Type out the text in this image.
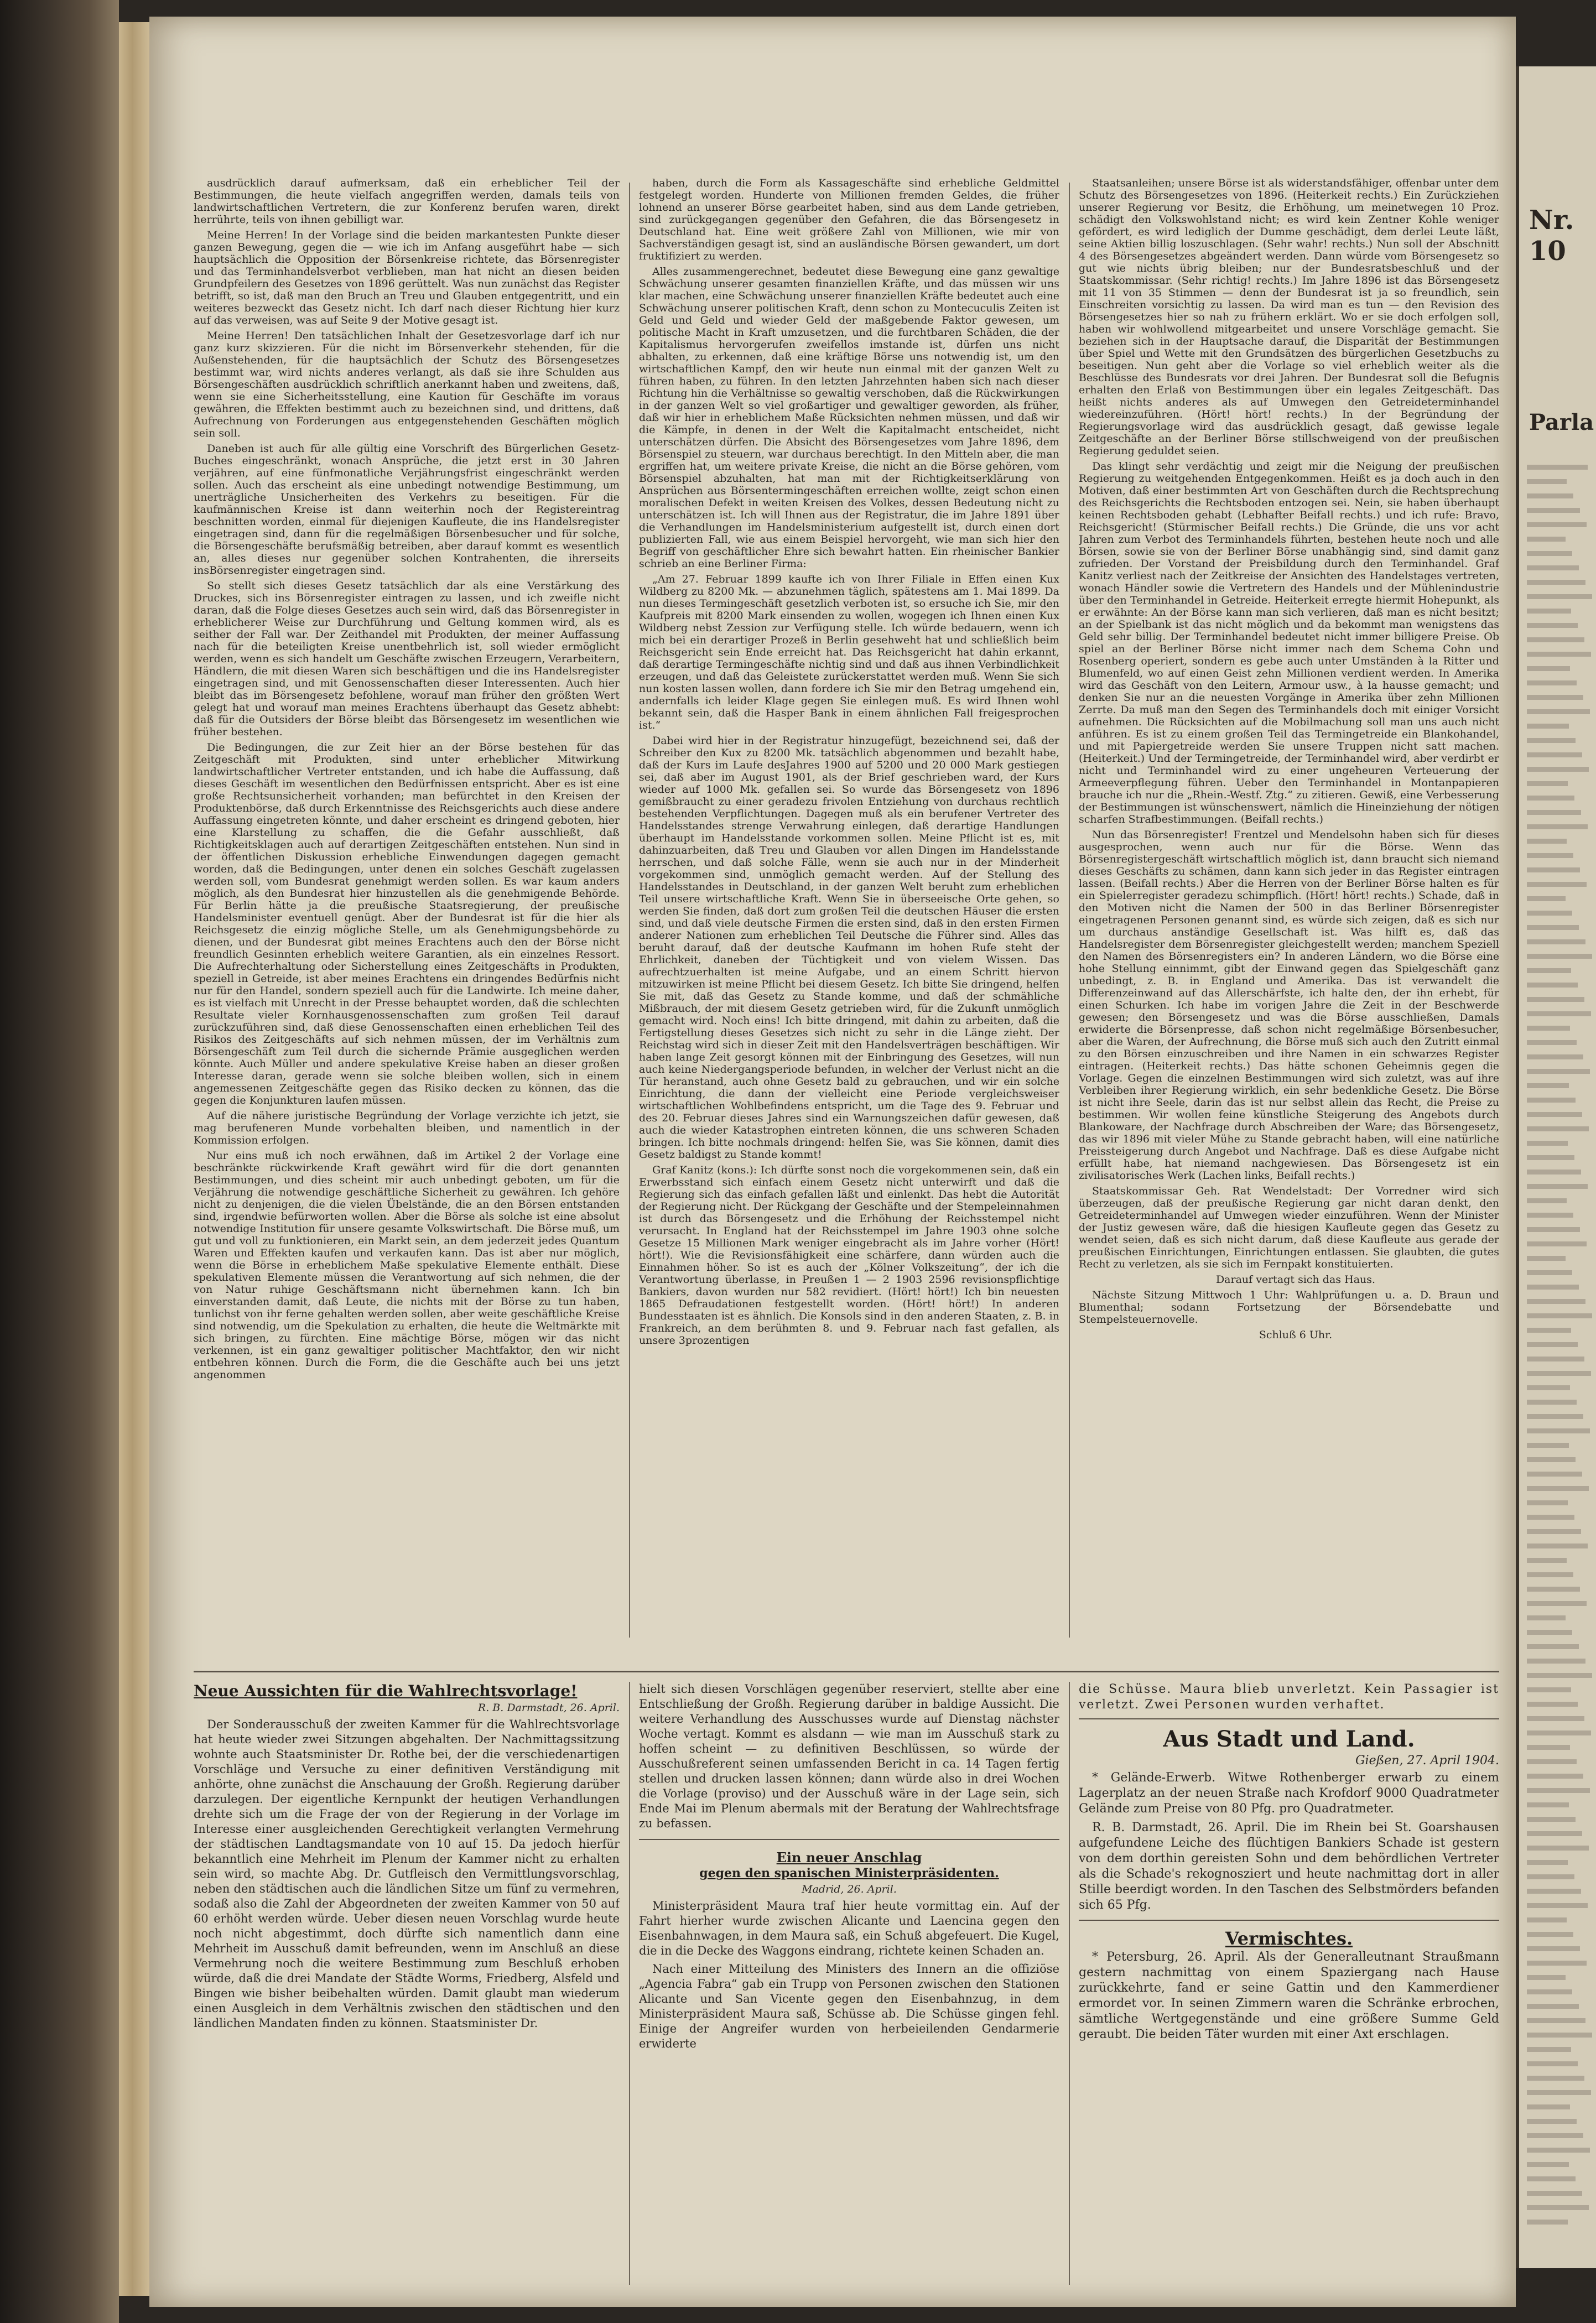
ausdrücklich darauf aufmerksam, daß ein erheblicher Teil der Bestimmungen, die heute vielfach angegriffen werden, damals teils von landwirtschaftlichen Vertretern, die zur Konferenz berufen waren, direkt herrührte, teils von ihnen gebilligt war.

Meine Herren! In der Vorlage sind die beiden markantesten Punkte dieser ganzen Bewegung, gegen die — wie ich im Anfang ausgeführt habe — sich hauptsächlich die Opposition der Börsenkreise richtete, das Börsenregister und das Terminhandelsverbot verblieben, man hat nicht an diesen beiden Grundpfeilern des Gesetzes von 1896 gerüttelt. Was nun zunächst das Register betrifft, so ist, daß man den Bruch an Treu und Glauben entgegentritt, und ein weiteres bezweckt das Gesetz nicht. Ich darf nach dieser Richtung hier kurz auf das verweisen, was auf Seite 9 der Motive gesagt ist.

Meine Herren! Den tatsächlichen Inhalt der Gesetzesvorlage darf ich nur ganz kurz skizzieren. Für die nicht im Börsenverkehr stehenden, für die Außenstehenden, für die hauptsächlich der Schutz des Börsengesetzes bestimmt war, wird nichts anderes verlangt, als daß sie ihre Schulden aus Börsengeschäften ausdrücklich schriftlich anerkannt haben und zweitens, daß, wenn sie eine Sicherheitsstellung, eine Kaution für Geschäfte im voraus gewähren, die Effekten bestimmt auch zu bezeichnen sind, und drittens, daß Aufrechnung von Forderungen aus entgegenstehenden Geschäften möglich sein soll.

Daneben ist auch für alle gültig eine Vorschrift des Bürgerlichen Gesetz-Buches eingeschränkt, wonach Ansprüche, die jetzt erst in 30 Jahren verjähren, auf eine fünfmonatliche Verjährungsfrist eingeschränkt werden sollen. Auch das erscheint als eine unbedingt notwendige Bestimmung, um unerträgliche Unsicherheiten des Verkehrs zu beseitigen. Für die kaufmännischen Kreise ist dann weiterhin noch der Registereintrag beschnitten worden, einmal für diejenigen Kaufleute, die ins Handelsregister eingetragen sind, dann für die regelmäßigen Börsenbesucher und für solche, die Börsengeschäfte berufsmäßig betreiben, aber darauf kommt es wesentlich an, alles dieses nur gegenüber solchen Kontrahenten, die ihrerseits insBörsenregister eingetragen sind.

So stellt sich dieses Gesetz tatsächlich dar als eine Verstärkung des Druckes, sich ins Börsenregister eintragen zu lassen, und ich zweifle nicht daran, daß die Folge dieses Gesetzes auch sein wird, daß das Börsenregister in erheblicherer Weise zur Durchführung und Geltung kommen wird, als es seither der Fall war. Der Zeithandel mit Produkten, der meiner Auffassung nach für die beteiligten Kreise unentbehrlich ist, soll wieder ermöglicht werden, wenn es sich handelt um Geschäfte zwischen Erzeugern, Verarbeitern, Händlern, die mit diesen Waren sich beschäftigen und die ins Handelsregister eingetragen sind, und mit Genossenschaften dieser Interessenten. Auch hier bleibt das im Börsengesetz befohlene, worauf man früher den größten Wert gelegt hat und worauf man meines Erachtens überhaupt das Gesetz abhebt: daß für die Outsiders der Börse bleibt das Börsengesetz im wesentlichen wie früher bestehen.

Die Bedingungen, die zur Zeit hier an der Börse bestehen für das Zeitgeschäft mit Produkten, sind unter erheblicher Mitwirkung landwirtschaftlicher Vertreter entstanden, und ich habe die Auffassung, daß dieses Geschäft im wesentlichen den Bedürfnissen entspricht. Aber es ist eine große Rechtsunsicherheit vorhanden; man befürchtet in den Kreisen der Produktenbörse, daß durch Erkenntnisse des Reichsgerichts auch diese andere Auffassung eingetreten könnte, und daher erscheint es dringend geboten, hier eine Klarstellung zu schaffen, die die Gefahr ausschließt, daß Richtigkeitsklagen auch auf derartigen Zeitgeschäften entstehen. Nun sind in der öffentlichen Diskussion erhebliche Einwendungen dagegen gemacht worden, daß die Bedingungen, unter denen ein solches Geschäft zugelassen werden soll, vom Bundesrat genehmigt werden sollen. Es war kaum anders möglich, als den Bundesrat hier hinzustellen als die genehmigende Behörde. Für Berlin hätte ja die preußische Staatsregierung, der preußische Handelsminister eventuell genügt. Aber der Bundesrat ist für die hier als Reichsgesetz die einzig mögliche Stelle, um als Genehmigungsbehörde zu dienen, und der Bundesrat gibt meines Erachtens auch den der Börse nicht freundlich Gesinnten erheblich weitere Garantien, als ein einzelnes Ressort. Die Aufrechterhaltung oder Sicherstellung eines Zeitgeschäfts in Produkten, speziell in Getreide, ist aber meines Erachtens ein dringendes Bedürfnis nicht nur für den Handel, sondern speziell auch für die Landwirte. Ich meine daher, es ist vielfach mit Unrecht in der Presse behauptet worden, daß die schlechten Resultate vieler Kornhausgenossenschaften zum großen Teil darauf zurückzuführen sind, daß diese Genossenschaften einen erheblichen Teil des Risikos des Zeitgeschäfts auf sich nehmen müssen, der im Verhältnis zum Börsengeschäft zum Teil durch die sichernde Prämie ausgeglichen werden könnte. Auch Müller und andere spekulative Kreise haben an dieser großen Interesse daran, gerade wenn sie solche bleiben wollen, sich in einem angemessenen Zeitgeschäfte gegen das Risiko decken zu können, das die gegen die Konjunkturen laufen müssen.

Auf die nähere juristische Begründung der Vorlage verzichte ich jetzt, sie mag berufeneren Munde vorbehalten bleiben, und namentlich in der Kommission erfolgen.

Nur eins muß ich noch erwähnen, daß im Artikel 2 der Vorlage eine beschränkte rückwirkende Kraft gewährt wird für die dort genannten Bestimmungen, und dies scheint mir auch unbedingt geboten, um für die Verjährung die notwendige geschäftliche Sicherheit zu gewähren. Ich gehöre nicht zu denjenigen, die die vielen Übelstände, die an den Börsen entstanden sind, irgendwie befürworten wollen. Aber die Börse als solche ist eine absolut notwendige Institution für unsere gesamte Volkswirtschaft. Die Börse muß, um gut und voll zu funktionieren, ein Markt sein, an dem jederzeit jedes Quantum Waren und Effekten kaufen und verkaufen kann. Das ist aber nur möglich, wenn die Börse in erheblichem Maße spekulative Elemente enthält. Diese spekulativen Elemente müssen die Verantwortung auf sich nehmen, die der von Natur ruhige Geschäftsmann nicht übernehmen kann. Ich bin einverstanden damit, daß Leute, die nichts mit der Börse zu tun haben, tunlichst von ihr ferne gehalten werden sollen, aber weite geschäftliche Kreise sind notwendig, um die Spekulation zu erhalten, die heute die Weltmärkte mit sich bringen, zu fürchten. Eine mächtige Börse, mögen wir das nicht verkennen, ist ein ganz gewaltiger politischer Machtfaktor, den wir nicht entbehren können. Durch die Form, die die Geschäfte auch bei uns jetzt angenommen

haben, durch die Form als Kassageschäfte sind erhebliche Geldmittel festgelegt worden. Hunderte von Millionen fremden Geldes, die früher lohnend an unserer Börse gearbeitet haben, sind aus dem Lande getrieben, sind zurückgegangen gegenüber den Gefahren, die das Börsengesetz in Deutschland hat. Eine weit größere Zahl von Millionen, wie mir von Sachverständigen gesagt ist, sind an ausländische Börsen gewandert, um dort fruktifiziert zu werden.

Alles zusammengerechnet, bedeutet diese Bewegung eine ganz gewaltige Schwächung unserer gesamten finanziellen Kräfte, und das müssen wir uns klar machen, eine Schwächung unserer finanziellen Kräfte bedeutet auch eine Schwächung unserer politischen Kraft, denn schon zu Montecuculis Zeiten ist Geld und Geld und wieder Geld der maßgebende Faktor gewesen, um politische Macht in Kraft umzusetzen, und die furchtbaren Schäden, die der Kapitalismus hervorgerufen zweifellos imstande ist, dürfen uns nicht abhalten, zu erkennen, daß eine kräftige Börse uns notwendig ist, um den wirtschaftlichen Kampf, den wir heute nun einmal mit der ganzen Welt zu führen haben, zu führen. In den letzten Jahrzehnten haben sich nach dieser Richtung hin die Verhältnisse so gewaltig verschoben, daß die Rückwirkungen in der ganzen Welt so viel großartiger und gewaltiger geworden, als früher, daß wir hier in erheblichem Maße Rücksichten nehmen müssen, und daß wir die Kämpfe, in denen in der Welt die Kapitalmacht entscheidet, nicht unterschätzen dürfen. Die Absicht des Börsengesetzes vom Jahre 1896, dem Börsenspiel zu steuern, war durchaus berechtigt. In den Mitteln aber, die man ergriffen hat, um weitere private Kreise, die nicht an die Börse gehören, vom Börsenspiel abzuhalten, hat man mit der Richtigkeitserklärung von Ansprüchen aus Börsentermingeschäften erreichen wollte, zeigt schon einen moralischen Defekt in weiten Kreisen des Volkes, dessen Bedeutung nicht zu unterschätzen ist. Ich will Ihnen aus der Registratur, die im Jahre 1891 über die Verhandlungen im Handelsministerium aufgestellt ist, durch einen dort publizierten Fall, wie aus einem Beispiel hervorgeht, wie man sich hier den Begriff von geschäftlicher Ehre sich bewahrt hatten. Ein rheinischer Bankier schrieb an eine Berliner Firma:

„Am 27. Februar 1899 kaufte ich von Ihrer Filiale in Effen einen Kux Wildberg zu 8200 Mk. — abzunehmen täglich, spätestens am 1. Mai 1899. Da nun dieses Termingeschäft gesetzlich verboten ist, so ersuche ich Sie, mir den Kaufpreis mit 8200 Mark einsenden zu wollen, wogegen ich Ihnen einen Kux Wildberg nebst Zession zur Verfügung stelle. Ich würde bedauern, wenn ich mich bei ein derartiger Prozeß in Berlin gesehweht hat und schließlich beim Reichsgericht sein Ende erreicht hat. Das Reichsgericht hat dahin erkannt, daß derartige Termingeschäfte nichtig sind und daß aus ihnen Verbindlichkeit erzeugen, und daß das Geleistete zurückerstattet werden muß. Wenn Sie sich nun kosten lassen wollen, dann fordere ich Sie mir den Betrag umgehend ein, andernfalls ich leider Klage gegen Sie einlegen muß. Es wird Ihnen wohl bekannt sein, daß die Hasper Bank in einem ähnlichen Fall freigesprochen ist.“

Dabei wird hier in der Registratur hinzugefügt, bezeichnend sei, daß der Schreiber den Kux zu 8200 Mk. tatsächlich abgenommen und bezahlt habe, daß der Kurs im Laufe desJahres 1900 auf 5200 und 20 000 Mark gestiegen sei, daß aber im August 1901, als der Brief geschrieben ward, der Kurs wieder auf 1000 Mk. gefallen sei. So wurde das Börsengesetz von 1896 gemißbraucht zu einer geradezu frivolen Entziehung von durchaus rechtlich bestehenden Verpflichtungen. Dagegen muß als ein berufener Vertreter des Handelsstandes strenge Verwahrung einlegen, daß derartige Handlungen überhaupt im Handelsstande vorkommen sollen. Meine Pflicht ist es, mit dahinzuarbeiten, daß Treu und Glauben vor allen Dingen im Handelsstande herrschen, und daß solche Fälle, wenn sie auch nur in der Minderheit vorgekommen sind, unmöglich gemacht werden. Auf der Stellung des Handelsstandes in Deutschland, in der ganzen Welt beruht zum erheblichen Teil unsere wirtschaftliche Kraft. Wenn Sie in überseeische Orte gehen, so werden Sie finden, daß dort zum großen Teil die deutschen Häuser die ersten sind, und daß viele deutsche Firmen die ersten sind, daß in den ersten Firmen anderer Nationen zum erheblichen Teil Deutsche die Führer sind. Alles das beruht darauf, daß der deutsche Kaufmann im hohen Rufe steht der Ehrlichkeit, daneben der Tüchtigkeit und von vielem Wissen. Das aufrechtzuerhalten ist meine Aufgabe, und an einem Schritt hiervon mitzuwirken ist meine Pflicht bei diesem Gesetz. Ich bitte Sie dringend, helfen Sie mit, daß das Gesetz zu Stande komme, und daß der schmähliche Mißbrauch, der mit diesem Gesetz getrieben wird, für die Zukunft unmöglich gemacht wird. Noch eins! Ich bitte dringend, mit dahin zu arbeiten, daß die Fertigstellung dieses Gesetzes sich nicht zu sehr in die Länge zieht. Der Reichstag wird sich in dieser Zeit mit den Handelsverträgen beschäftigen. Wir haben lange Zeit gesorgt können mit der Einbringung des Gesetzes, will nun auch keine Niedergangsperiode befunden, in welcher der Verlust nicht an die Tür heranstand, auch ohne Gesetz bald zu gebrauchen, und wir ein solche Einrichtung, die dann der vielleicht eine Periode vergleichsweiser wirtschaftlichen Wohlbefindens entspricht, um die Tage des 9. Februar und des 20. Februar dieses Jahres sind ein Warnungszeichen dafür gewesen, daß auch die wieder Katastrophen eintreten können, die uns schweren Schaden bringen. Ich bitte nochmals dringend: helfen Sie, was Sie können, damit dies Gesetz baldigst zu Stande kommt!

Graf Kanitz (kons.): Ich dürfte sonst noch die vorgekommenen sein, daß ein Erwerbsstand sich einfach einem Gesetz nicht unterwirft und daß die Regierung sich das einfach gefallen läßt und einlenkt. Das hebt die Autorität der Regierung nicht. Der Rückgang der Geschäfte und der Stempeleinnahmen ist durch das Börsengesetz und die Erhöhung der Reichsstempel nicht verursacht. In England hat der Reichsstempel im Jahre 1903 ohne solche Gesetze 15 Millionen Mark weniger eingebracht als im Jahre vorher (Hört! hört!). Wie die Revisionsfähigkeit eine schärfere, dann würden auch die Einnahmen höher. So ist es auch der „Kölner Volkszeitung“, der ich die Verantwortung überlasse, in Preußen 1 — 2 1903 2596 revisionspflichtige Bankiers, davon wurden nur 582 revidiert. (Hört! hört!) Ich bin neuesten 1865 Defraudationen festgestellt worden. (Hört! hört!) In anderen Bundesstaaten ist es ähnlich. Die Konsols sind in den anderen Staaten, z. B. in Frankreich, an dem berühmten 8. und 9. Februar nach fast gefallen, als unsere 3prozentigen

Staatsanleihen; unsere Börse ist als widerstandsfähiger, offenbar unter dem Schutz des Börsengesetzes von 1896. (Heiterkeit rechts.) Ein Zurückziehen unserer Regierung vor Besitz, die Erhöhung, um meinetwegen 10 Proz. schädigt den Volkswohlstand nicht; es wird kein Zentner Kohle weniger gefördert, es wird lediglich der Dumme geschädigt, dem derlei Leute läßt, seine Aktien billig loszuschlagen. (Sehr wahr! rechts.) Nun soll der Abschnitt 4 des Börsengesetzes abgeändert werden. Dann würde vom Börsengesetz so gut wie nichts übrig bleiben; nur der Bundesratsbeschluß und der Staatskommissar. (Sehr richtig! rechts.) Im Jahre 1896 ist das Börsengesetz mit 11 von 35 Stimmen — denn der Bundesrat ist ja so freundlich, sein Einschreiten vorsichtig zu lassen. Da wird man es tun — den Revision des Börsengesetzes hier so nah zu frühern erklärt. Wo er sie doch erfolgen soll, haben wir wohlwollend mitgearbeitet und unsere Vorschläge gemacht. Sie beziehen sich in der Hauptsache darauf, die Disparität der Bestimmungen über Spiel und Wette mit den Grundsätzen des bürgerlichen Gesetzbuchs zu beseitigen. Nun geht aber die Vorlage so viel erheblich weiter als die Beschlüsse des Bundesrats vor drei Jahren. Der Bundesrat soll die Befugnis erhalten den Erlaß von Bestimmungen über ein legales Zeitgeschäft. Das heißt nichts anderes als auf Umwegen den Getreideterminhandel wiedereinzuführen. (Hört! hört! rechts.) In der Begründung der Regierungsvorlage wird das ausdrücklich gesagt, daß gewisse legale Zeitgeschäfte an der Berliner Börse stillschweigend von der preußischen Regierung geduldet seien.

Das klingt sehr verdächtig und zeigt mir die Neigung der preußischen Regierung zu weitgehenden Entgegenkommen. Heißt es ja doch auch in den Motiven, daß einer bestimmten Art von Geschäften durch die Rechtsprechung des Reichsgerichts die Rechtsboden entzogen sei. Nein, sie haben überhaupt keinen Rechtsboden gehabt (Lebhafter Beifall rechts.) und ich rufe: Bravo, Reichsgericht! (Stürmischer Beifall rechts.) Die Gründe, die uns vor acht Jahren zum Verbot des Terminhandels führten, bestehen heute noch und alle Börsen, sowie sie von der Berliner Börse unabhängig sind, sind damit ganz zufrieden. Der Vorstand der Preisbildung durch den Terminhandel. Graf Kanitz verliest nach der Zeitkreise der Ansichten des Handelstages vertreten, wonach Händler sowie die Vertretern des Handels und der Mühlenindustrie über den Terminhandel in Getreide. Heiterkeit erregte hiermit Hohepunkt, als er erwähnte: An der Börse kann man sich verlieren, daß man es nicht besitzt; an der Spielbank ist das nicht möglich und da bekommt man wenigstens das Geld sehr billig. Der Terminhandel bedeutet nicht immer billigere Preise. Ob spiel an der Berliner Börse nicht immer nach dem Schema Cohn und Rosenberg operiert, sondern es gebe auch unter Umständen à la Ritter und Blumenfeld, wo auf einen Geist zehn Millionen verdient werden. In Amerika wird das Geschäft von den Leitern, Armour usw., à la hausse gemacht; und denken Sie nur an die neuesten Vorgänge in Amerika über zehn Millionen Zerrte. Da muß man den Segen des Terminhandels doch mit einiger Vorsicht aufnehmen. Die Rücksichten auf die Mobilmachung soll man uns auch nicht anführen. Es ist zu einem großen Teil das Termingetreide ein Blankohandel, und mit Papiergetreide werden Sie unsere Truppen nicht satt machen. (Heiterkeit.) Und der Termingetreide, der Terminhandel wird, aber verdirbt er nicht und Terminhandel wird zu einer ungeheuren Verteuerung der Armeeverpflegung führen. Ueber den Terminhandel in Montanpapieren brauche ich nur die „Rhein.-Westf. Ztg.“ zu zitieren. Gewiß, eine Verbesserung der Bestimmungen ist wünschenswert, nämlich die Hineinziehung der nötigen scharfen Strafbestimmungen. (Beifall rechts.)

Nun das Börsenregister! Frentzel und Mendelsohn haben sich für dieses ausgesprochen, wenn auch nur für die Börse. Wenn das Börsenregistergeschäft wirtschaftlich möglich ist, dann braucht sich niemand dieses Geschäfts zu schämen, dann kann sich jeder in das Register eintragen lassen. (Beifall rechts.) Aber die Herren von der Berliner Börse halten es für ein Spielerregister geradezu schimpflich. (Hört! hört! rechts.) Schade, daß in den Motiven nicht die Namen der 500 in das Berliner Börsenregister eingetragenen Personen genannt sind, es würde sich zeigen, daß es sich nur um durchaus anständige Gesellschaft ist. Was hilft es, daß das Handelsregister dem Börsenregister gleichgestellt werden; manchem Speziell den Namen des Börsenregisters ein? In anderen Ländern, wo die Börse eine hohe Stellung einnimmt, gibt der Einwand gegen das Spielgeschäft ganz unbedingt, z. B. in England und Amerika. Das ist verwandelt die Differenzeinwand auf das Allerschärfste, ich halte den, der ihn erhebt, für einen Schurken. Ich habe im vorigen Jahre die Zeit in der Beschwerde gewesen; den Börsengesetz und was die Börse ausschließen, Damals erwiderte die Börsenpresse, daß schon nicht regelmäßige Börsenbesucher, aber die Waren, der Aufrechnung, die Börse muß sich auch den Zutritt einmal zu den Börsen einzuschreiben und ihre Namen in ein schwarzes Register eintragen. (Heiterkeit rechts.) Das hätte schonen Geheimnis gegen die Vorlage. Gegen die einzelnen Bestimmungen wird sich zuletzt, was auf ihre Verbleiben ihrer Regierung wirklich, ein sehr bedenkliche Gesetz. Die Börse ist nicht ihre Seele, darin das ist nur selbst allein das Recht, die Preise zu bestimmen. Wir wollen feine künstliche Steigerung des Angebots durch Blankoware, der Nachfrage durch Abschreiben der Ware; das Börsengesetz, das wir 1896 mit vieler Mühe zu Stande gebracht haben, will eine natürliche Preissteigerung durch Angebot und Nachfrage. Daß es diese Aufgabe nicht erfüllt habe, hat niemand nachgewiesen. Das Börsengesetz ist ein zivilisatorisches Werk (Lachen links, Beifall rechts.)

Staatskommissar Geh. Rat Wendelstadt: Der Vorredner wird sich überzeugen, daß der preußische Regierung gar nicht daran denkt, den Getreideterminhandel auf Umwegen wieder einzuführen. Wenn der Minister der Justiz gewesen wäre, daß die hiesigen Kaufleute gegen das Gesetz zu wendet seien, daß es sich nicht darum, daß diese Kaufleute aus gerade der preußischen Einrichtungen, Einrichtungen entlassen. Sie glaubten, die gutes Recht zu verletzen, als sie sich im Fernpakt konstituierten.

Darauf vertagt sich das Haus.

Nächste Sitzung Mittwoch 1 Uhr: Wahlprüfungen u. a. D. Braun und Blumenthal; sodann Fortsetzung der Börsendebatte und Stempelsteuernovelle.

Schluß 6 Uhr.

Neue Aussichten für die Wahlrechtsvorlage!
R. B. Darmstadt, 26. April.

Der Sonderausschuß der zweiten Kammer für die Wahlrechtsvorlage hat heute wieder zwei Sitzungen abgehalten. Der Nachmittagssitzung wohnte auch Staatsminister Dr. Rothe bei, der die verschiedenartigen Vorschläge und Versuche zu einer definitiven Verständigung mit anhörte, ohne zunächst die Anschauung der Großh. Regierung darüber darzulegen. Der eigentliche Kernpunkt der heutigen Verhandlungen drehte sich um die Frage der von der Regierung in der Vorlage im Interesse einer ausgleichenden Gerechtigkeit verlangten Vermehrung der städtischen Landtagsmandate von 10 auf 15. Da jedoch hierfür bekanntlich eine Mehrheit im Plenum der Kammer nicht zu erhalten sein wird, so machte Abg. Dr. Gutfleisch den Vermittlungsvorschlag, neben den städtischen auch die ländlichen Sitze um fünf zu vermehren, sodaß also die Zahl der Abgeordneten der zweiten Kammer von 50 auf 60 erhöht werden würde. Ueber diesen neuen Vorschlag wurde heute noch nicht abgestimmt, doch dürfte sich namentlich dann eine Mehrheit im Ausschuß damit befreunden, wenn im Anschluß an diese Vermehrung noch die weitere Bestimmung zum Beschluß erhoben würde, daß die drei Mandate der Städte Worms, Friedberg, Alsfeld und Bingen wie bisher beibehalten würden. Damit glaubt man wiederum einen Ausgleich in dem Verhältnis zwischen den städtischen und den ländlichen Mandaten finden zu können. Staatsminister Dr.

hielt sich diesen Vorschlägen gegenüber reserviert, stellte aber eine Entschließung der Großh. Regierung darüber in baldige Aussicht. Die weitere Verhandlung des Ausschusses wurde auf Dienstag nächster Woche vertagt. Kommt es alsdann — wie man im Ausschuß stark zu hoffen scheint — zu definitiven Beschlüssen, so würde der Ausschußreferent seinen umfassenden Bericht in ca. 14 Tagen fertig stellen und drucken lassen können; dann würde also in drei Wochen die Vorlage (proviso) und der Ausschuß wäre in der Lage sein, sich Ende Mai im Plenum abermals mit der Beratung der Wahlrechtsfrage zu befassen.

Ein neuer Anschlag
gegen den spanischen Ministerpräsidenten.
Madrid, 26. April.

Ministerpräsident Maura traf hier heute vormittag ein. Auf der Fahrt hierher wurde zwischen Alicante und Laencina gegen den Eisenbahnwagen, in dem Maura saß, ein Schuß abgefeuert. Die Kugel, die in die Decke des Waggons eindrang, richtete keinen Schaden an.

Nach einer Mitteilung des Ministers des Innern an die offiziöse „Agencia Fabra“ gab ein Trupp von Personen zwischen den Stationen Alicante und San Vicente gegen den Eisenbahnzug, in dem Ministerpräsident Maura saß, Schüsse ab. Die Schüsse gingen fehl. Einige der Angreifer wurden von herbeieilenden Gendarmerie erwiderte

die Schüsse. Maura blieb unverletzt. Kein Passagier ist verletzt. Zwei Personen wurden verhaftet.

Aus Stadt und Land.
Gießen, 27. April 1904.

* Gelände-Erwerb. Witwe Rothenberger erwarb zu einem Lagerplatz an der neuen Straße nach Krofdorf 9000 Quadratmeter Gelände zum Preise von 80 Pfg. pro Quadratmeter.

R. B. Darmstadt, 26. April. Die im Rhein bei St. Goarshausen aufgefundene Leiche des flüchtigen Bankiers Schade ist gestern von dem dorthin gereisten Sohn und dem behördlichen Vertreter als die Schade's rekognosziert und heute nachmittag dort in aller Stille beerdigt worden. In den Taschen des Selbstmörders befanden sich 65 Pfg.

Vermischtes.

* Petersburg, 26. April. Als der Generalleutnant Straußmann gestern nachmittag von einem Spaziergang nach Hause zurückkehrte, fand er seine Gattin und den Kammerdiener ermordet vor. In seinen Zimmern waren die Schränke erbrochen, sämtliche Wertgegenstände und eine größere Summe Geld geraubt. Die beiden Täter wurden mit einer Axt erschlagen.

Nr. 10
Parla
